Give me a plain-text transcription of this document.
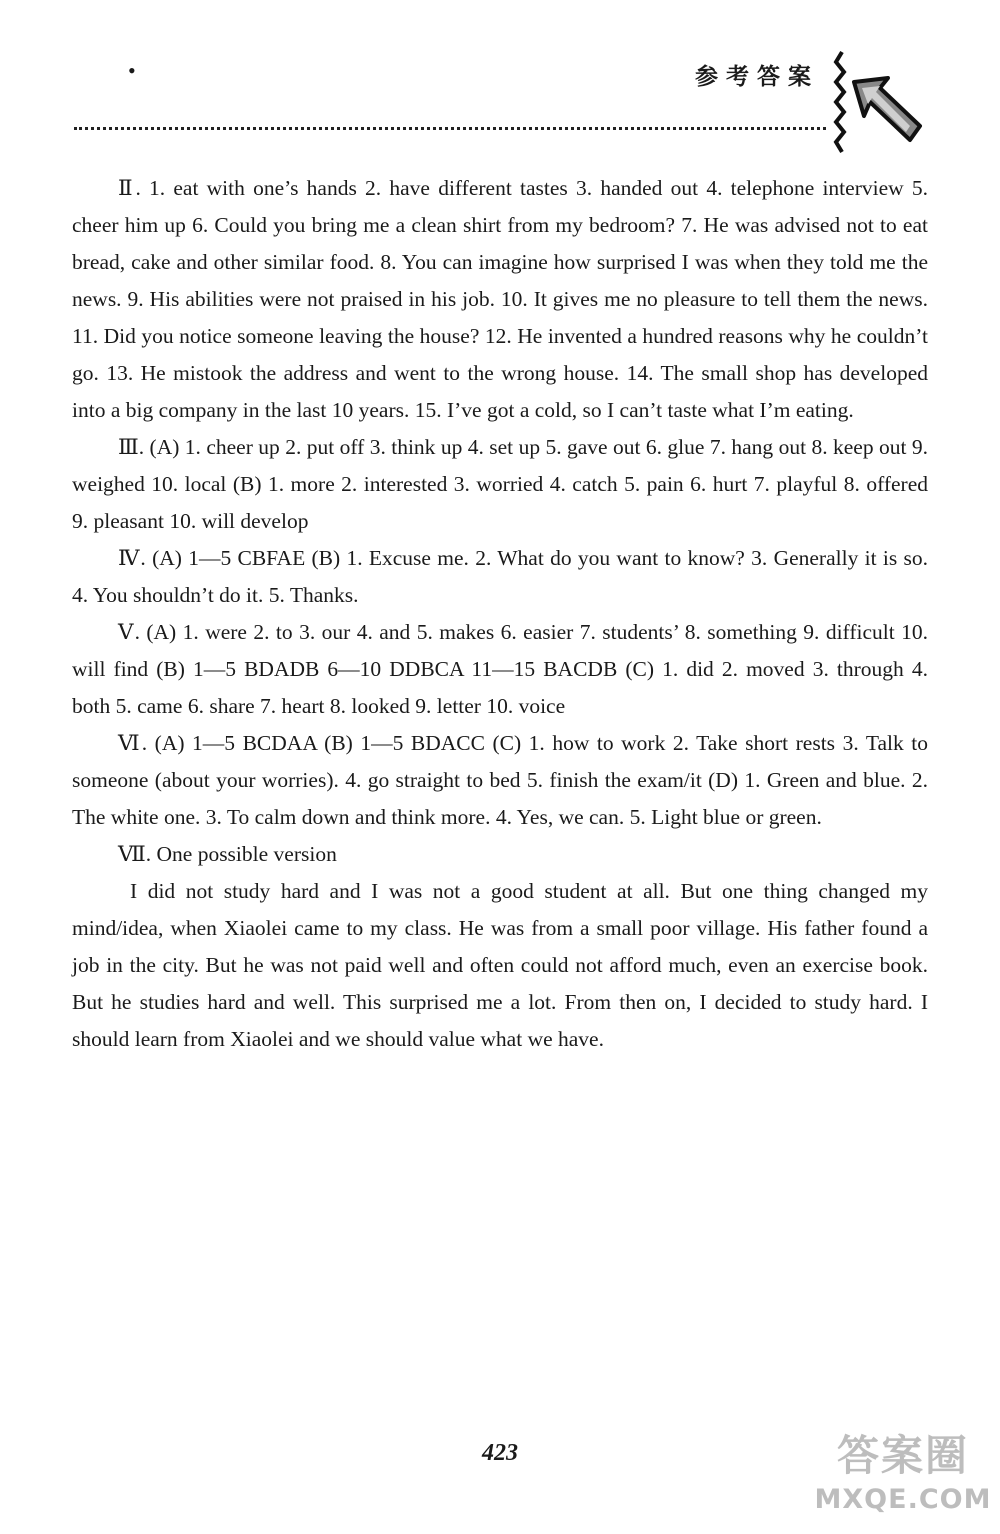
•	参考答案

Ⅱ. 1. eat with one’s hands 2. have different tastes 3. handed out 4. telephone interview 5. cheer him up 6. Could you bring me a clean shirt from my bedroom? 7. He was advised not to eat bread, cake and other similar food. 8. You can imagine how surprised I was when they told me the news. 9. His abilities were not praised in his job. 10. It gives me no pleasure to tell them the news. 11. Did you notice someone leaving the house? 12. He invented a hundred reasons why he couldn’t go. 13. He mistook the address and went to the wrong house. 14. The small shop has developed into a big company in the last 10 years. 15. I’ve got a cold, so I can’t taste what I’m eating.

Ⅲ. (A) 1. cheer up 2. put off 3. think up 4. set up 5. gave out 6. glue 7. hang out 8. keep out 9. weighed 10. local (B) 1. more 2. interested 3. worried 4. catch 5. pain 6. hurt 7. playful 8. offered 9. pleasant 10. will develop

Ⅳ. (A) 1—5 CBFAE (B) 1. Excuse me. 2. What do you want to know? 3. Generally it is so. 4. You shouldn’t do it. 5. Thanks.

Ⅴ. (A) 1. were 2. to 3. our 4. and 5. makes 6. easier 7. students’ 8. something 9. difficult 10. will find (B) 1—5 BDADB 6—10 DDBCA 11—15 BACDB (C) 1. did 2. moved 3. through 4. both 5. came 6. share 7. heart 8. looked 9. letter 10. voice

Ⅵ. (A) 1—5 BCDAA (B) 1—5 BDACC (C) 1. how to work 2. Take short rests 3. Talk to someone (about your worries). 4. go straight to bed 5. finish the exam/it (D) 1. Green and blue. 2. The white one. 3. To calm down and think more. 4. Yes, we can. 5. Light blue or green.

Ⅶ. One possible version

I did not study hard and I was not a good student at all. But one thing changed my mind/idea, when Xiaolei came to my class. He was from a small poor village. His father found a job in the city. But he was not paid well and often could not afford much, even an exercise book. But he studies hard and well. This surprised me a lot. From then on, I decided to study hard. I should learn from Xiaolei and we should value what we have.

423	答案圈
MXQE.COM
